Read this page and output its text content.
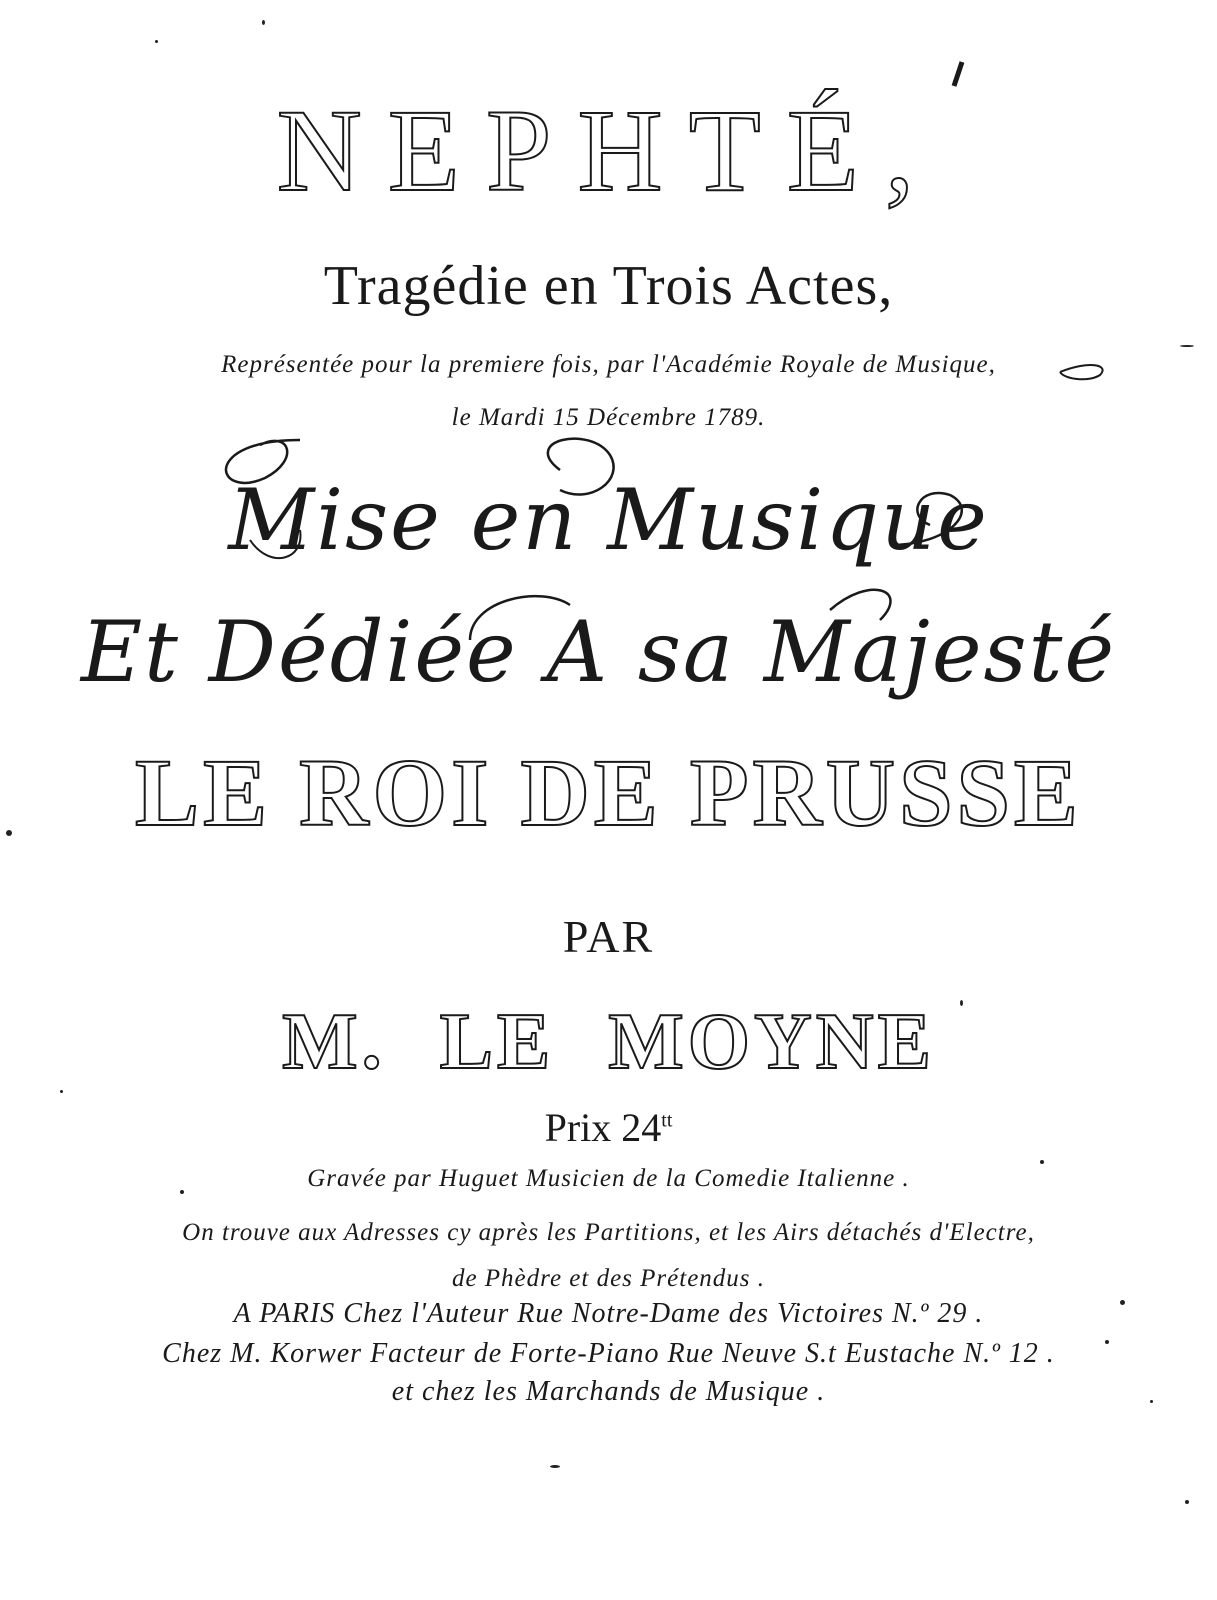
NEPHTÉ,
Tragédie en Trois Actes,
Représentée pour la premiere fois, par l'Académie Royale de Musique,
le Mardi 15 Décembre 1789.
Mise en Musique
Et Dédiée A sa Majesté
LE ROI DE PRUSSE
PAR
M. LE MOYNE
Prix $24^{tt}$
Gravée par Huguet Musicien de la Comedie Italienne .
On trouve aux Adresses cy après les Partitions, et les Airs détachés d'Electre,
de Phèdre et des Prétendus .
A PARIS Chez l'Auteur Rue Notre-Dame des Victoires N.º 29 .
Chez M. Korwer Facteur de Forte-Piano Rue Neuve S.t Eustache N.º 12 .
et chez les Marchands de Musique .
